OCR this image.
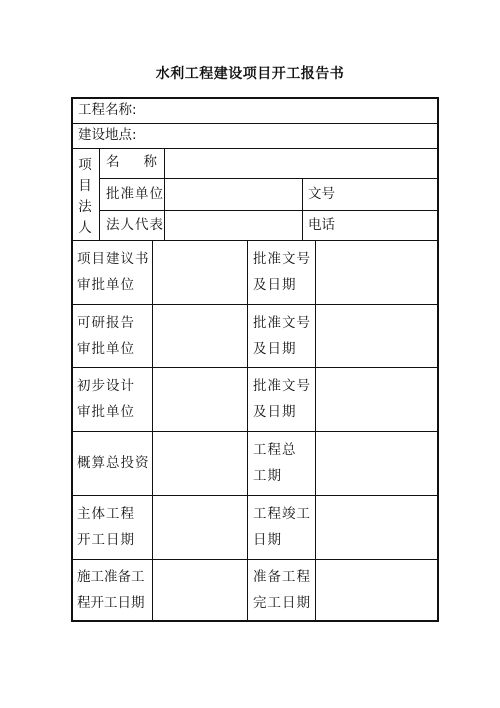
水利工程建设项目开工报告书
工程名称:
建设地点:
项
目
法
人
名 称
批准单位	文号
法人代表	电话
项目建议书
审批单位
批准文号
及日期
可研报告
审批单位
批准文号
及日期
初步设计
审批单位
批准文号
及日期
概算总投资
工程总
工期
主体工程
开工日期
工程竣工
日期
施工准备工
程开工日期
准备工程
完工日期
